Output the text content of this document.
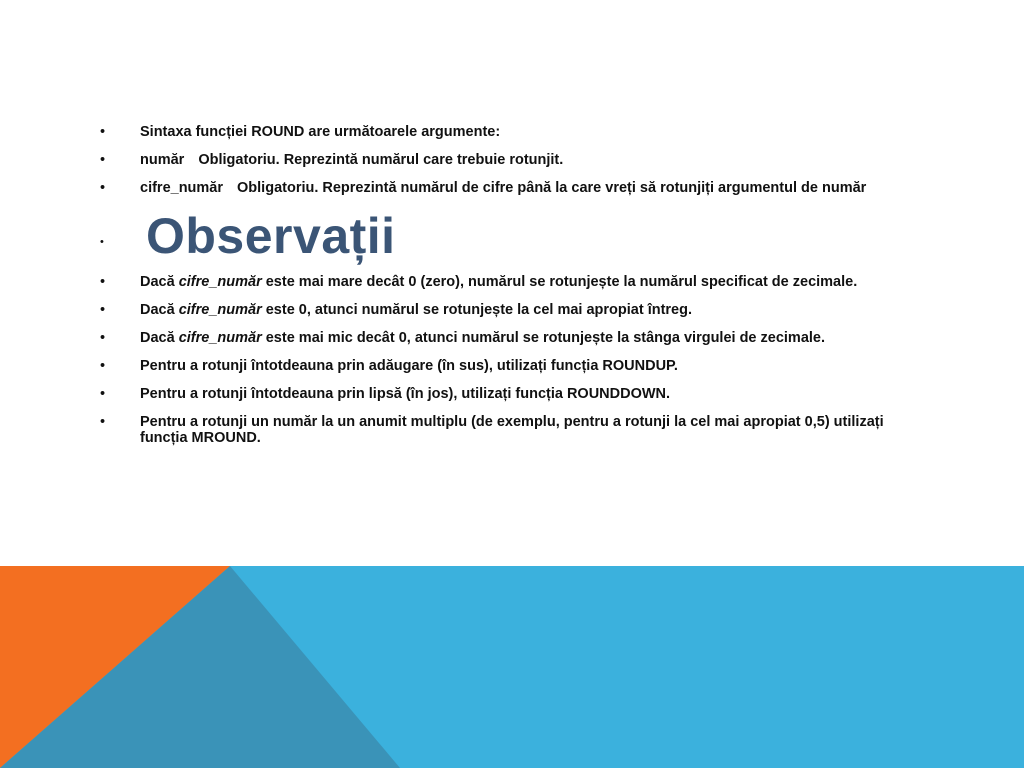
• Sintaxa funcției ROUND are următoarele argumente:
• număr Obligatoriu. Reprezintă numărul care trebuie rotunjit.
• cifre_număr Obligatoriu. Reprezintă numărul de cifre până la care vreți să rotunjiți argumentul de număr
• Observații
• Dacă cifre_număr este mai mare decât 0 (zero), numărul se rotunjește la numărul specificat de zecimale.
• Dacă cifre_număr este 0, atunci numărul se rotunjește la cel mai apropiat întreg.
• Dacă cifre_număr este mai mic decât 0, atunci numărul se rotunjește la stânga virgulei de zecimale.
• Pentru a rotunji întotdeauna prin adăugare (în sus), utilizați funcția ROUNDUP.
• Pentru a rotunji întotdeauna prin lipsă (în jos), utilizați funcția ROUNDDOWN.
• Pentru a rotunji un număr la un anumit multiplu (de exemplu, pentru a rotunji la cel mai apropiat 0,5) utilizați funcția MROUND.
